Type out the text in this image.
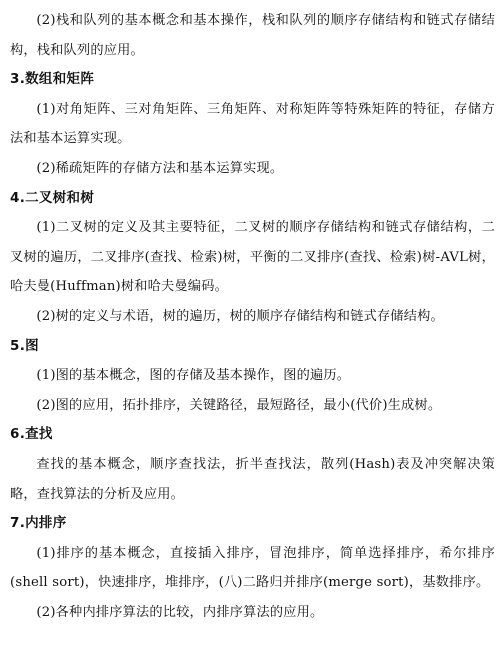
(2)栈和队列的基本概念和基本操作，栈和队列的顺序存储结构和链式存储结构，栈和队列的应用。

3.数组和矩阵

(1)对角矩阵、三对角矩阵、三角矩阵、对称矩阵等特殊矩阵的特征，存储方法和基本运算实现。

(2)稀疏矩阵的存储方法和基本运算实现。

4.二叉树和树

(1)二叉树的定义及其主要特征，二叉树的顺序存储结构和链式存储结构，二叉树的遍历，二叉排序(查找、检索)树，平衡的二叉排序(查找、检索)树-AVL树，哈夫曼(Huffman)树和哈夫曼编码。

(2)树的定义与术语，树的遍历，树的顺序存储结构和链式存储结构。

5.图

(1)图的基本概念，图的存储及基本操作，图的遍历。

(2)图的应用，拓扑排序，关键路径，最短路径，最小(代价)生成树。

6.查找

查找的基本概念，顺序查找法，折半查找法，散列(Hash)表及冲突解决策略，查找算法的分析及应用。

7.内排序

(1)排序的基本概念，直接插入排序，冒泡排序，简单选择排序，希尔排序(shell sort)，快速排序，堆排序，(八)二路归并排序(merge sort)，基数排序。

(2)各种内排序算法的比较，内排序算法的应用。
